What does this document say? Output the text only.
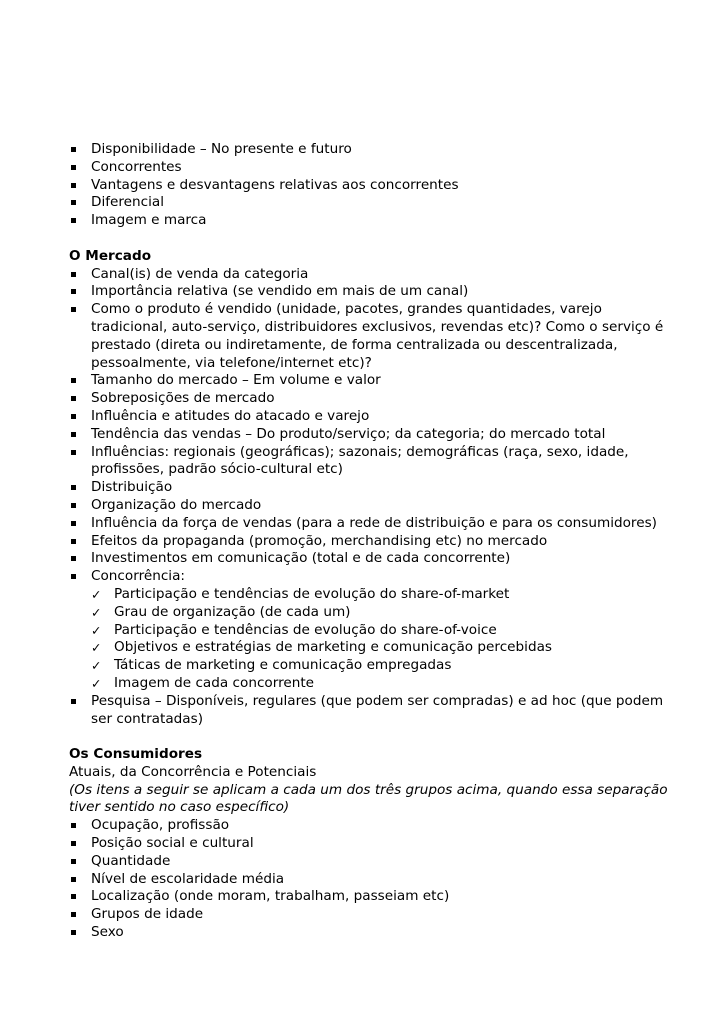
Disponibilidade – No presente e futuro
Concorrentes
Vantagens e desvantagens relativas aos concorrentes
Diferencial
Imagem e marca
O Mercado
Canal(is) de venda da categoria
Importância relativa (se vendido em mais de um canal)
Como o produto é vendido (unidade, pacotes, grandes quantidades, varejo tradicional, auto-serviço, distribuidores exclusivos, revendas etc)? Como o serviço é prestado (direta ou indiretamente, de forma centralizada ou descentralizada, pessoalmente, via telefone/internet etc)?
Tamanho do mercado – Em volume e valor
Sobreposições de mercado
Influência e atitudes do atacado e varejo
Tendência das vendas – Do produto/serviço; da categoria; do mercado total
Influências: regionais (geográficas); sazonais; demográficas (raça, sexo, idade, profissões, padrão sócio-cultural etc)
Distribuição
Organização do mercado
Influência da força de vendas (para a rede de distribuição e para os consumidores)
Efeitos da propaganda (promoção, merchandising etc) no mercado
Investimentos em comunicação (total e de cada concorrente)
Concorrência:
✓ Participação e tendências de evolução do share-of-market
✓ Grau de organização (de cada um)
✓ Participação e tendências de evolução do share-of-voice
✓ Objetivos e estratégias de marketing e comunicação percebidas
✓ Táticas de marketing e comunicação empregadas
✓ Imagem de cada concorrente
Pesquisa – Disponíveis, regulares (que podem ser compradas) e ad hoc (que podem ser contratadas)
Os Consumidores
Atuais, da Concorrência e Potenciais
(Os itens a seguir se aplicam a cada um dos três grupos acima, quando essa separação tiver sentido no caso específico)
Ocupação, profissão
Posição social e cultural
Quantidade
Nível de escolaridade média
Localização (onde moram, trabalham, passeiam etc)
Grupos de idade
Sexo
